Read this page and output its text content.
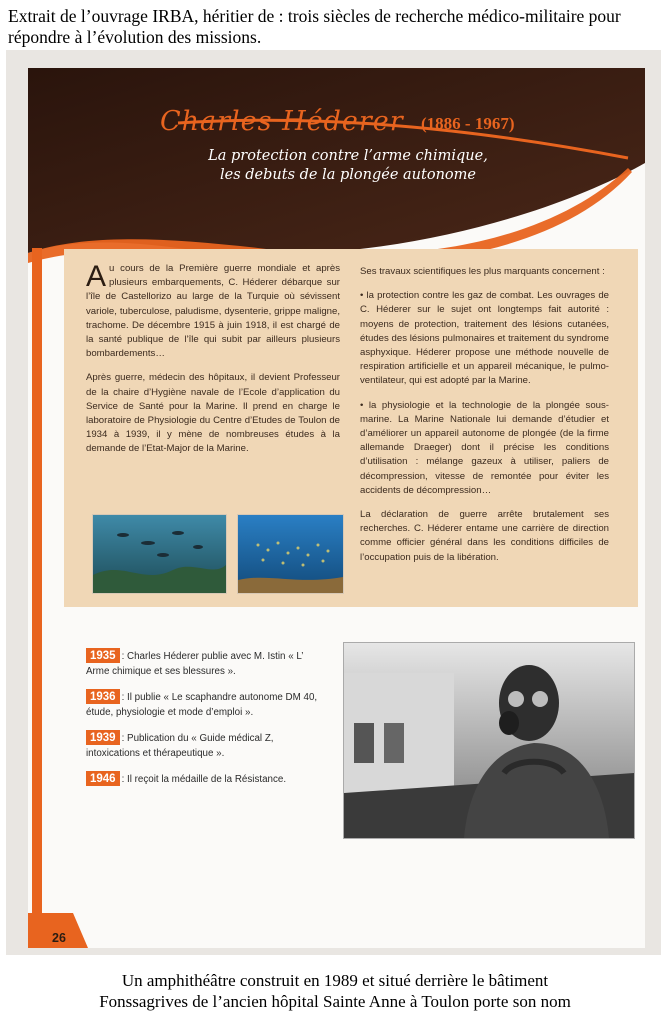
Extrait de l’ouvrage IRBA, héritier de : trois siècles de recherche médico-militaire pour répondre à l’évolution des missions.
Charles Héderer (1886 - 1967)
La protection contre l’arme chimique,
les debuts de la plongée autonome

Au cours de la Première guerre mondiale et après plusieurs embarquements, C. Héderer débarque sur l’île de Castellorizo au large de la Turquie où sévissent variole, tuberculose, paludisme, dysenterie, grippe maligne, trachome. De décembre 1915 à juin 1918, il est chargé de la santé publique de l’île qui subit par ailleurs plusieurs bombardements…

Après guerre, médecin des hôpitaux, il devient Professeur de la chaire d’Hygiène navale de l’Ecole d’application du Service de Santé pour la Marine. Il prend en charge le laboratoire de Physiologie du Centre d’Etudes de Toulon de 1934 à 1939, il y mène de nombreuses études à la demande de l’Etat-Major de la Marine.

Ses travaux scientifiques les plus marquants concernent :

• la protection contre les gaz de combat. Les ouvrages de C. Héderer sur le sujet ont longtemps fait autorité : moyens de protection, traitement des lésions cutanées, études des lésions pulmonaires et traitement du syndrome asphyxique. Héderer propose une méthode nouvelle de respiration artificielle et un appareil mécanique, le pulmo-ventilateur, qui est adopté par la Marine.

• la physiologie et la technologie de la plongée sous-marine. La Marine Nationale lui demande d’étudier et d’améliorer un appareil autonome de plongée (de la firme allemande Draeger) dont il précise les conditions d’utilisation : mélange gazeux à utiliser, paliers de décompression, vitesse de remontée pour éviter les accidents de décompression…

La déclaration de guerre arrête brutalement ses recherches. C. Héderer entame une carrière de direction comme officier général dans les conditions difficiles de l’occupation puis de la libération.

1935 : Charles Héderer publie avec M. Istin « L’ Arme chimique et ses blessures ».
1936 : Il publie « Le scaphandre autonome DM 40, étude, physiologie et mode d’emploi ».
1939 : Publication du « Guide médical Z, intoxications et thérapeutique ».
1946 : Il reçoit la médaille de la Résistance.
26
Un amphithéâtre construit en 1989 et situé derrière le bâtiment
Fonssagrives de l’ancien hôpital Sainte Anne à Toulon porte son nom
